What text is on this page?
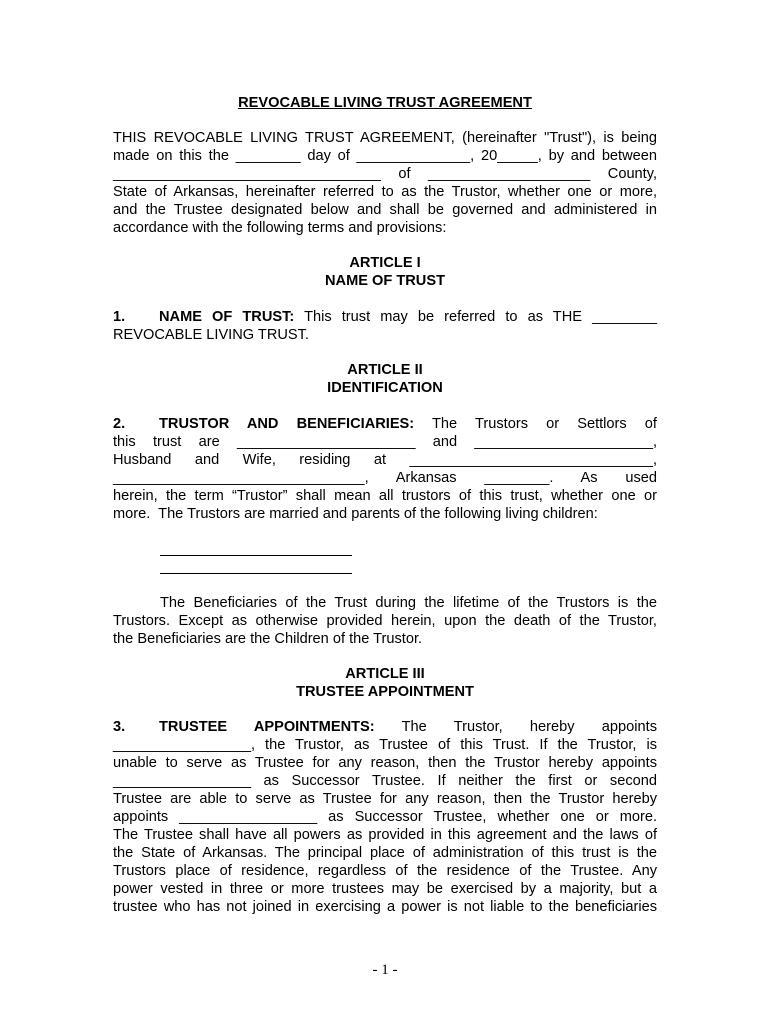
REVOCABLE LIVING TRUST AGREEMENT
THIS REVOCABLE LIVING TRUST AGREEMENT, (hereinafter "Trust"), is being
made on this the ________ day of ______________, 20_____, by and between
_________________________________ of ____________________ County,
State of Arkansas, hereinafter referred to as the Trustor, whether one or more,
and the Trustee designated below and shall be governed and administered in
accordance with the following terms and provisions:
ARTICLE I
NAME OF TRUST
1. NAME OF TRUST: This trust may be referred to as THE ________
REVOCABLE LIVING TRUST.
ARTICLE II
IDENTIFICATION
2. TRUSTOR AND BENEFICIARIES: The Trustors or Settlors of
this trust are ______________________ and ______________________,
Husband and Wife, residing at ______________________________,
_______________________________, Arkansas ________. As used
herein, the term “Trustor” shall mean all trustors of this trust, whether one or
more.  The Trustors are married and parents of the following living children:
The Beneficiaries of the Trust during the lifetime of the Trustors is the
Trustors. Except as otherwise provided herein, upon the death of the Trustor,
the Beneficiaries are the Children of the Trustor.
ARTICLE III
TRUSTEE APPOINTMENT
3. TRUSTEE APPOINTMENTS: The Trustor, hereby appoints
_________________, the Trustor, as Trustee of this Trust. If the Trustor, is
unable to serve as Trustee for any reason, then the Trustor hereby appoints
_________________ as Successor Trustee. If neither the first or second
Trustee are able to serve as Trustee for any reason, then the Trustor hereby
appoints _________________ as Successor Trustee, whether one or more.
The Trustee shall have all powers as provided in this agreement and the laws of
the State of Arkansas. The principal place of administration of this trust is the
Trustors place of residence, regardless of the residence of the Trustee. Any
power vested in three or more trustees may be exercised by a majority, but a
trustee who has not joined in exercising a power is not liable to the beneficiaries
- 1 -
